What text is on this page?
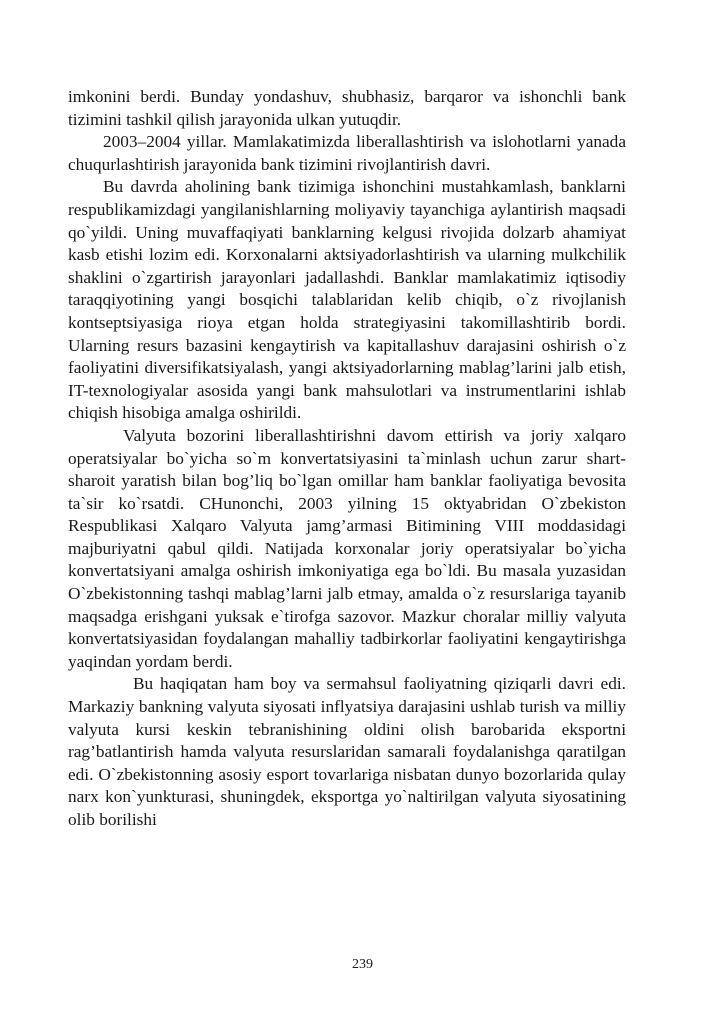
imkonini berdi. Bunday yondashuv, shubhasiz, barqaror va ishonchli bank tizimini tashkil qilish jarayonida ulkan yutuqdir.

2003–2004 yillar. Mamlakatimizda liberallashtirish va islohotlarni yanada chuqurlashtirish jarayonida bank tizimini rivojlantirish davri.

Bu davrda aholining bank tizimiga ishonchini mustahkamlash, banklarni respublikamizdagi yangilanishlarning moliyaviy tayanchiga aylantirish maqsadi qo`yildi. Uning muvaffaqiyati banklarning kelgusi rivojida dolzarb ahamiyat kasb etishi lozim edi. Korxonalarni aktsiyadorlashtirish va ularning mulkchilik shaklini o`zgartirish jarayonlari jadallashdi. Banklar mamlakatimiz iqtisodiy taraqqiyotining yangi bosqichi talablaridan kelib chiqib, o`z rivojlanish kontseptsiyasiga rioya etgan holda strategiyasini takomillashtirib bordi. Ularning resurs bazasini kengaytirish va kapitallashuv darajasini oshirish o`z faoliyatini diversifikatsiyalash, yangi aktsiyadorlarning mablag’larini jalb etish, IT-texnologiyalar asosida yangi bank mahsulotlari va instrumentlarini ishlab chiqish hisobiga amalga oshirildi.

Valyuta bozorini liberallashtirishni davom ettirish va joriy xalqaro operatsiyalar bo`yicha so`m konvertatsiyasini ta`minlash uchun zarur shart-sharoit yaratish bilan bog’liq bo`lgan omillar ham banklar faoliyatiga bevosita ta`sir ko`rsatdi. CHunonchi, 2003 yilning 15 oktyabridan O`zbekiston Respublikasi Xalqaro Valyuta jamg’armasi Bitimining VIII moddasidagi majburiyatni qabul qildi. Natijada korxonalar joriy operatsiyalar bo`yicha konvertatsiyani amalga oshirish imkoniyatiga ega bo`ldi. Bu masala yuzasidan O`zbekistonning tashqi mablag’larni jalb etmay, amalda o`z resurslariga tayanib maqsadga erishgani yuksak e`tirofga sazovor. Mazkur choralar milliy valyuta konvertatsiyasidan foydalangan mahalliy tadbirkorlar faoliyatini kengaytirishga yaqindan yordam berdi.

Bu haqiqatan ham boy va sermahsul faoliyatning qiziqarli davri edi. Markaziy bankning valyuta siyosati inflyatsiya darajasini ushlab turish va milliy valyuta kursi keskin tebranishining oldini olish barobarida eksportni rag’batlantirish hamda valyuta resurslaridan samarali foydalanishga qaratilgan edi. O`zbekistonning asosiy esport tovarlariga nisbatan dunyo bozorlarida qulay narx kon`yunkturasi, shuningdek, eksportga yo`naltirilgan valyuta siyosatining olib borilishi

239
